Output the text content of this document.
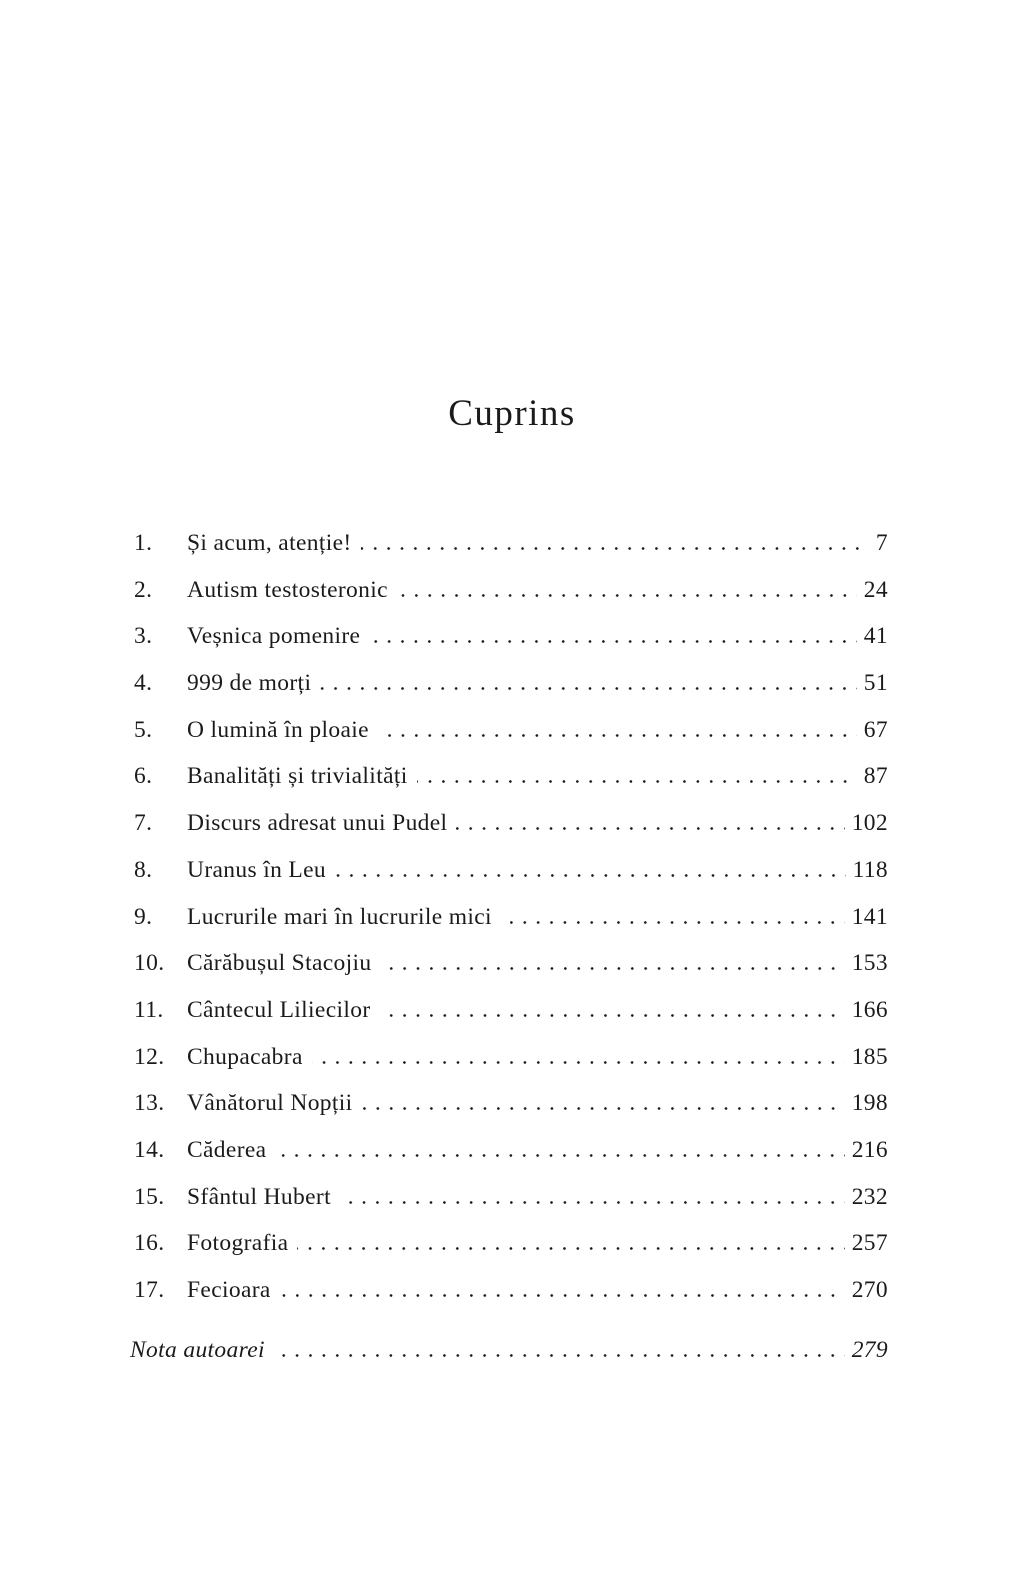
Cuprins
1.	Și acum, atenție!	7
2.	Autism testosteronic	24
3.	Veșnica pomenire	41
4.	999 de morți	51
5.	O lumină în ploaie	67
6.	Banalități și trivialități	87
7.	Discurs adresat unui Pudel	102
8.	Uranus în Leu	118
9.	Lucrurile mari în lucrurile mici	141
10. Cărăbușul Stacojiu	153
11. Cântecul Liliecilor	166
12. Chupacabra	185
13. Vânătorul Nopții	198
14. Căderea	216
15. Sfântul Hubert	232
16. Fotografia	257
17. Fecioara	270
Nota autoarei	279
